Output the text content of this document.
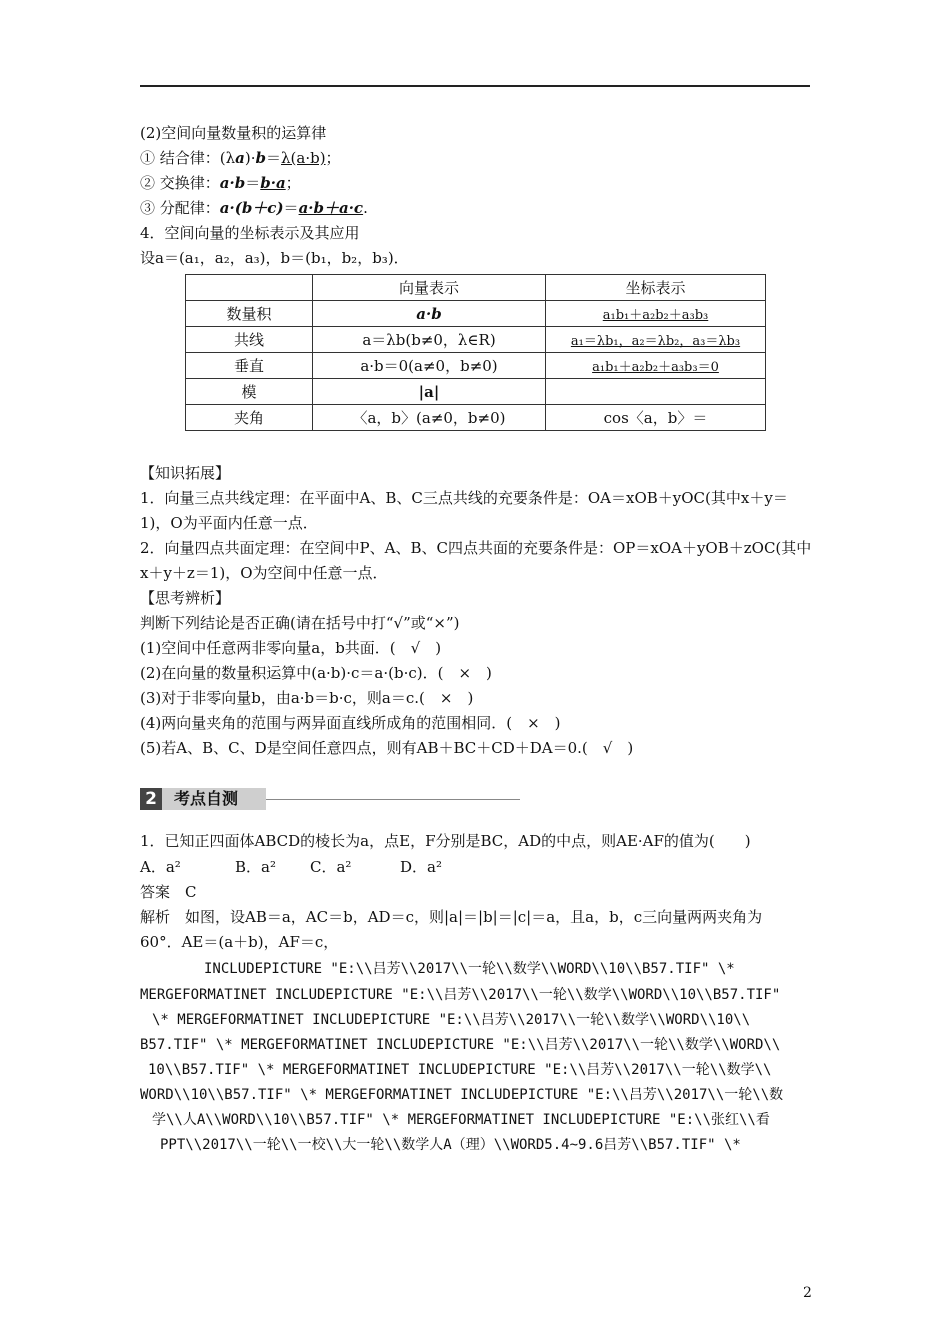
(2)空间向量数量积的运算律
① 结合律：(λa)·b＝λ(a·b)；
② 交换律：a·b＝b·a；
③ 分配律：a·(b＋c)＝a·b＋a·c.
4．空间向量的坐标表示及其应用
设a＝(a₁，a₂，a₃)，b＝(b₁，b₂，b₃)．
	向量表示	坐标表示
数量积	a·b	a₁b₁＋a₂b₂＋a₃b₃
共线	a＝λb(b≠0，λ∈R)	a₁＝λb₁，a₂＝λb₂，a₃＝λb₃
垂直	a·b＝0(a≠0，b≠0)	a₁b₁＋a₂b₂＋a₃b₃＝0
模	|a|	
夹角	〈a，b〉(a≠0，b≠0)	cos〈a，b〉＝
【知识拓展】
1．向量三点共线定理：在平面中A、B、C三点共线的充要条件是：OA＝xOB＋yOC(其中x＋y＝
1)，O为平面内任意一点．
2．向量四点共面定理：在空间中P、A、B、C四点共面的充要条件是：OP＝xOA＋yOB＋zOC(其中
x＋y＋z＝1)，O为空间中任意一点．
【思考辨析】
判断下列结论是否正确(请在括号中打“√”或“×”)
(1)空间中任意两非零向量a，b共面．(　√　)
(2)在向量的数量积运算中(a·b)·c＝a·(b·c)．(　×　)
(3)对于非零向量b，由a·b＝b·c，则a＝c.(　×　)
(4)两向量夹角的范围与两异面直线所成角的范围相同．(　×　)
(5)若A、B、C、D是空间任意四点，则有AB＋BC＋CD＋DA＝0.(　√　)
2	考点自测
1．已知正四面体ABCD的棱长为a，点E，F分别是BC，AD的中点，则AE·AF的值为(　　)
A．a²	B．a² C．a²	D．a²
答案　C
解析　如图，设AB＝a，AC＝b，AD＝c，则|a|＝|b|＝|c|＝a，且a，b，c三向量两两夹角为
60°．AE＝(a＋b)，AF＝c，
INCLUDEPICTURE "E:\\吕芳\\2017\\一轮\\数学\\WORD\\10\\B57.TIF" \*
MERGEFORMATINET INCLUDEPICTURE "E:\\吕芳\\2017\\一轮\\数学\\WORD\\10\\B57.TIF"
\* MERGEFORMATINET INCLUDEPICTURE "E:\\吕芳\\2017\\一轮\\数学\\WORD\\10\\
B57.TIF" \* MERGEFORMATINET INCLUDEPICTURE "E:\\吕芳\\2017\\一轮\\数学\\WORD\\
10\\B57.TIF" \* MERGEFORMATINET INCLUDEPICTURE "E:\\吕芳\\2017\\一轮\\数学\\
WORD\\10\\B57.TIF" \* MERGEFORMATINET INCLUDEPICTURE "E:\\吕芳\\2017\\一轮\\数
学\\人A\\WORD\\10\\B57.TIF" \* MERGEFORMATINET INCLUDEPICTURE "E:\\张红\\看
PPT\\2017\\一轮\\一校\\大一轮\\数学人A（理）\\WORD5.4~9.6吕芳\\B57.TIF" \*
2
